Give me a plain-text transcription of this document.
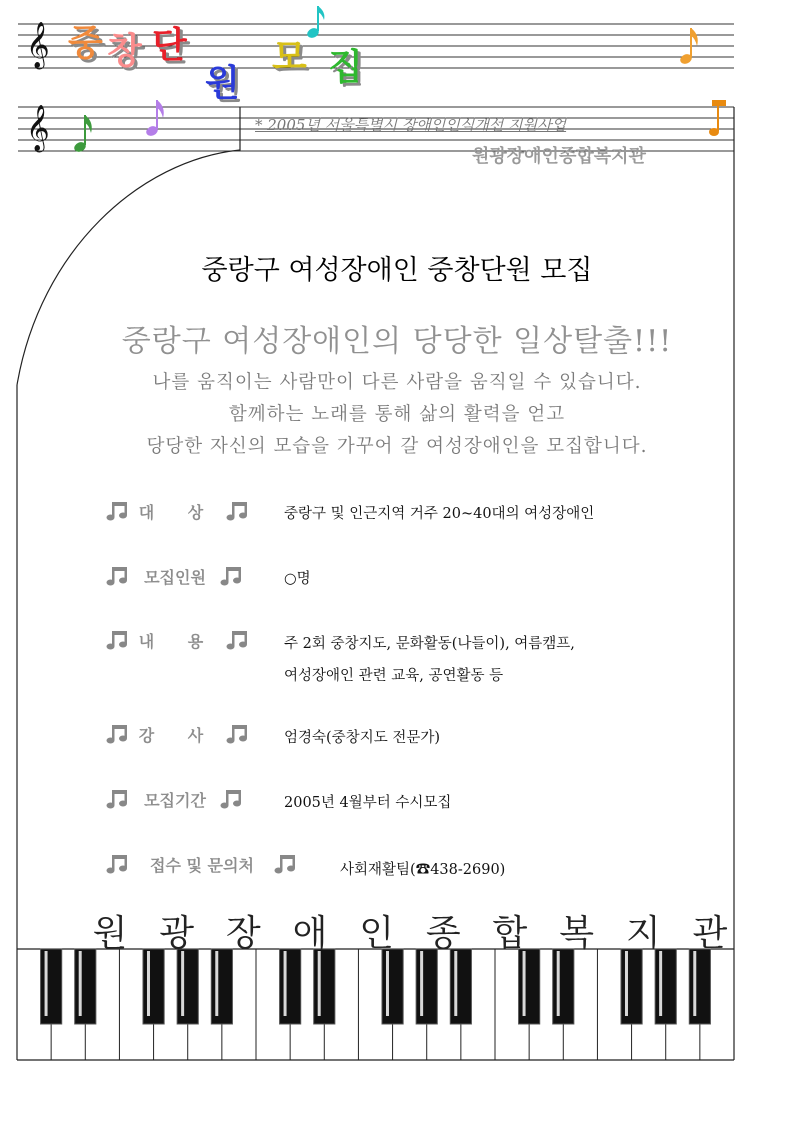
𝄞
𝄞
중 창 단
원
모 집
* 2005년 서울특별시 장애인인식개선 지원사업
원광장애인종합복지관
중랑구 여성장애인 중창단원 모집
중랑구 여성장애인의 당당한 일상탈출!!!
나를 움직이는 사람만이 다른 사람을 움직일 수 있습니다.
함께하는 노래를 통해 삶의 활력을 얻고
당당한 자신의 모습을 가꾸어 갈 여성장애인을 모집합니다.
대 상	중랑구 및 인근지역 거주 20~40대의 여성장애인
모집인원	○명
내 용	주 2회 중창지도, 문화활동(나들이), 여름캠프,
여성장애인 관련 교육, 공연활동 등
강 사	엄경숙(중창지도 전문가)
모집기간	2005년 4월부터 수시모집
접수 및 문의처	사회재활팀(☎438-2690)
원 광 장 애 인 종 합 복 지 관
